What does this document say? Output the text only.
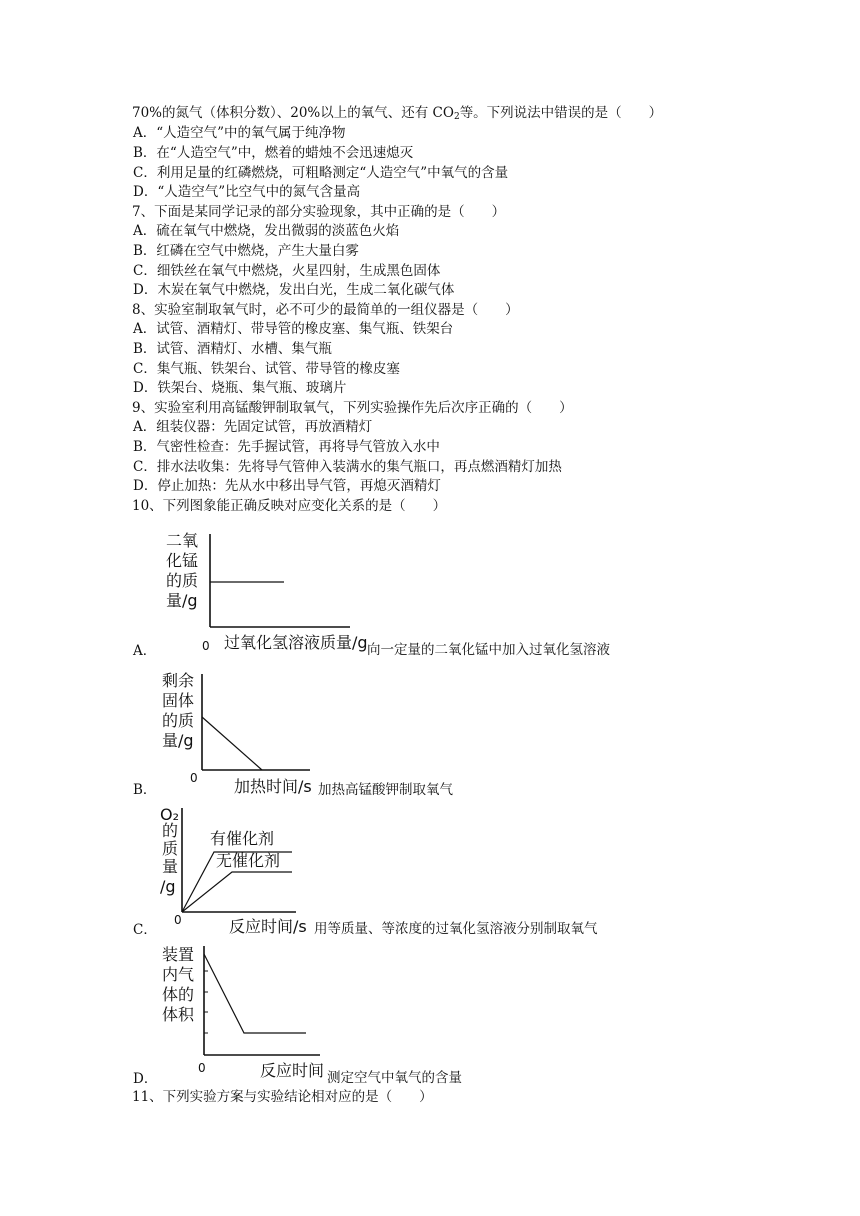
70%的氮气（体积分数）、20%以上的氧气、还有 $CO_2$等。下列说法中错误的是（　　）
A．“人造空气”中的氧气属于纯净物
B．在“人造空气”中，燃着的蜡烛不会迅速熄灭
C．利用足量的红磷燃烧，可粗略测定“人造空气”中氧气的含量
D．“人造空气”比空气中的氮气含量高
7、下面是某同学记录的部分实验现象，其中正确的是（　　）
A．硫在氧气中燃烧，发出微弱的淡蓝色火焰
B．红磷在空气中燃烧，产生大量白雾
C．细铁丝在氧气中燃烧，火星四射，生成黑色固体
D．木炭在氧气中燃烧，发出白光，生成二氧化碳气体
8、实验室制取氧气时，必不可少的最简单的一组仪器是（　　）
A．试管、酒精灯、带导管的橡皮塞、集气瓶、铁架台
B．试管、酒精灯、水槽、集气瓶
C．集气瓶、铁架台、试管、带导管的橡皮塞
D．铁架台、烧瓶、集气瓶、玻璃片
9、实验室利用高锰酸钾制取氧气，下列实验操作先后次序正确的（　　）
A．组装仪器：先固定试管，再放酒精灯
B．气密性检查：先手握试管，再将导气管放入水中
C．排水法收集：先将导气管伸入装满水的集气瓶口，再点燃酒精灯加热
D．停止加热：先从水中移出导气管，再熄灭酒精灯
10、下列图象能正确反映对应变化关系的是（　　）
二氧
化锰
的质
量/g
0 过氧化氢溶液质量/g
A．	向一定量的二氧化锰中加入过氧化氢溶液
剩余
固体
的质
量/g
0 加热时间/s
B．	加热高锰酸钾制取氧气
O₂
的
质
量
/g
有催化剂
无催化剂
0	反应时间/s
C．	用等质量、等浓度的过氧化氢溶液分别制取氧气
装置
内气
体的
体积
0	反应时间
D．	测定空气中氧气的含量
11、下列实验方案与实验结论相对应的是（　　）
